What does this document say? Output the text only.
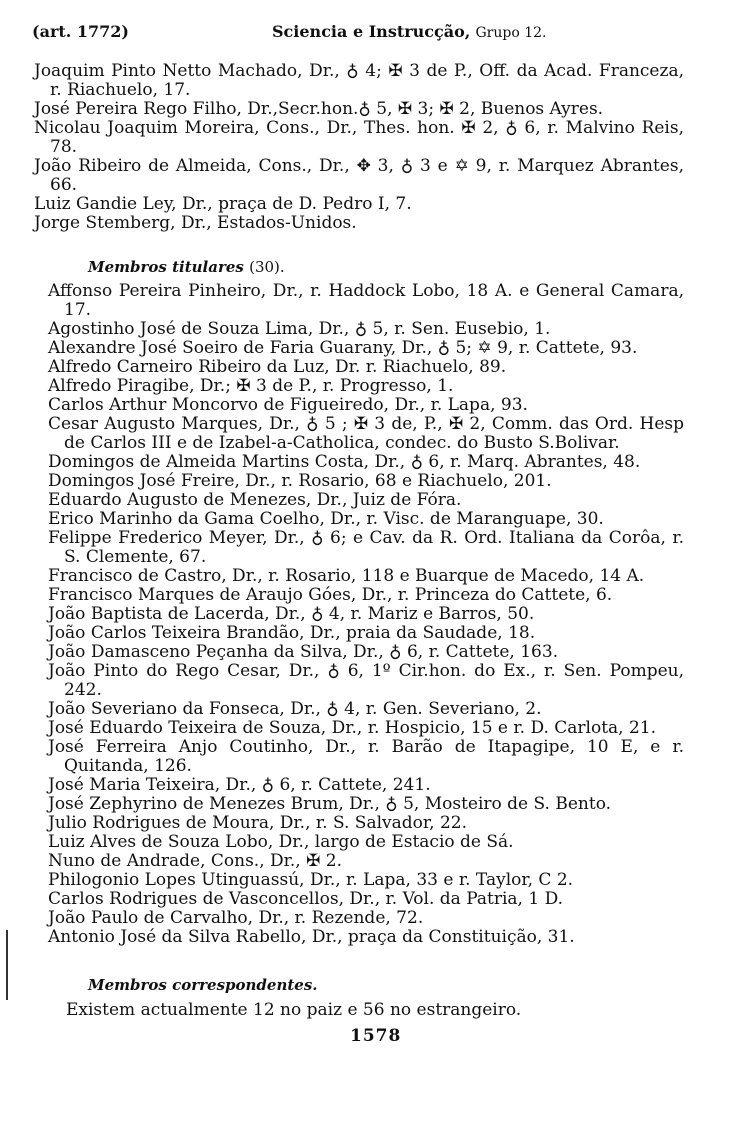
(art. 1772)	Sciencia e Instrucção, Grupo 12.

Joaquim Pinto Netto Machado, Dr., ♁ 4; ✠ 3 de P., Off. da Acad. Franceza, r. Riachuelo, 17.

José Pereira Rego Filho, Dr.,Secr.hon.♁ 5, ✠ 3; ✠ 2, Buenos Ayres.

Nicolau Joaquim Moreira, Cons., Dr., Thes. hon. ✠ 2, ♁ 6, r. Malvino Reis, 78.

João Ribeiro de Almeida, Cons., Dr., ✥ 3, ♁ 3 e ✡ 9, r. Marquez Abrantes, 66.

Luiz Gandie Ley, Dr., praça de D. Pedro I, 7.

Jorge Stemberg, Dr., Estados-Unidos.

Membros titulares (30).

Affonso Pereira Pinheiro, Dr., r. Haddock Lobo, 18 A. e General Camara, 17.

Agostinho José de Souza Lima, Dr., ♁ 5, r. Sen. Eusebio, 1.

Alexandre José Soeiro de Faria Guarany, Dr., ♁ 5; ✡ 9, r. Cattete, 93.

Alfredo Carneiro Ribeiro da Luz, Dr. r. Riachuelo, 89.

Alfredo Piragibe, Dr.; ✠ 3 de P., r. Progresso, 1.

Carlos Arthur Moncorvo de Figueiredo, Dr., r. Lapa, 93.

Cesar Augusto Marques, Dr., ♁ 5 ; ✠ 3 de, P., ✠ 2, Comm. das Ord. Hesp de Carlos III e de Izabel-a-Catholica, condec. do Busto S.Bolivar.

Domingos de Almeida Martins Costa, Dr., ♁ 6, r. Marq. Abrantes, 48.

Domingos José Freire, Dr., r. Rosario, 68 e Riachuelo, 201.

Eduardo Augusto de Menezes, Dr., Juiz de Fóra.

Erico Marinho da Gama Coelho, Dr., r. Visc. de Maranguape, 30.

Felippe Frederico Meyer, Dr., ♁ 6; e Cav. da R. Ord. Italiana da Corôa, r. S. Clemente, 67.

Francisco de Castro, Dr., r. Rosario, 118 e Buarque de Macedo, 14 A.

Francisco Marques de Araujo Góes, Dr., r. Princeza do Cattete, 6.

João Baptista de Lacerda, Dr., ♁ 4, r. Mariz e Barros, 50.

João Carlos Teixeira Brandão, Dr., praia da Saudade, 18.

João Damasceno Peçanha da Silva, Dr., ♁ 6, r. Cattete, 163.

João Pinto do Rego Cesar, Dr., ♁ 6, 1º Cir.hon. do Ex., r. Sen. Pompeu, 242.

João Severiano da Fonseca, Dr., ♁ 4, r. Gen. Severiano, 2.

José Eduardo Teixeira de Souza, Dr., r. Hospicio, 15 e r. D. Carlota, 21.

José Ferreira Anjo Coutinho, Dr., r. Barão de Itapagipe, 10 E, e r. Quitanda, 126.

José Maria Teixeira, Dr., ♁ 6, r. Cattete, 241.

José Zephyrino de Menezes Brum, Dr., ♁ 5, Mosteiro de S. Bento.

Julio Rodrigues de Moura, Dr., r. S. Salvador, 22.

Luiz Alves de Souza Lobo, Dr., largo de Estacio de Sá.

Nuno de Andrade, Cons., Dr., ✠ 2.

Philogonio Lopes Utinguassú, Dr., r. Lapa, 33 e r. Taylor, C 2.

Carlos Rodrigues de Vasconcellos, Dr., r. Vol. da Patria, 1 D.

João Paulo de Carvalho, Dr., r. Rezende, 72.

Antonio José da Silva Rabello, Dr., praça da Constituição, 31.

Membros correspondentes.
Existem actualmente 12 no paiz e 56 no estrangeiro.
1578
